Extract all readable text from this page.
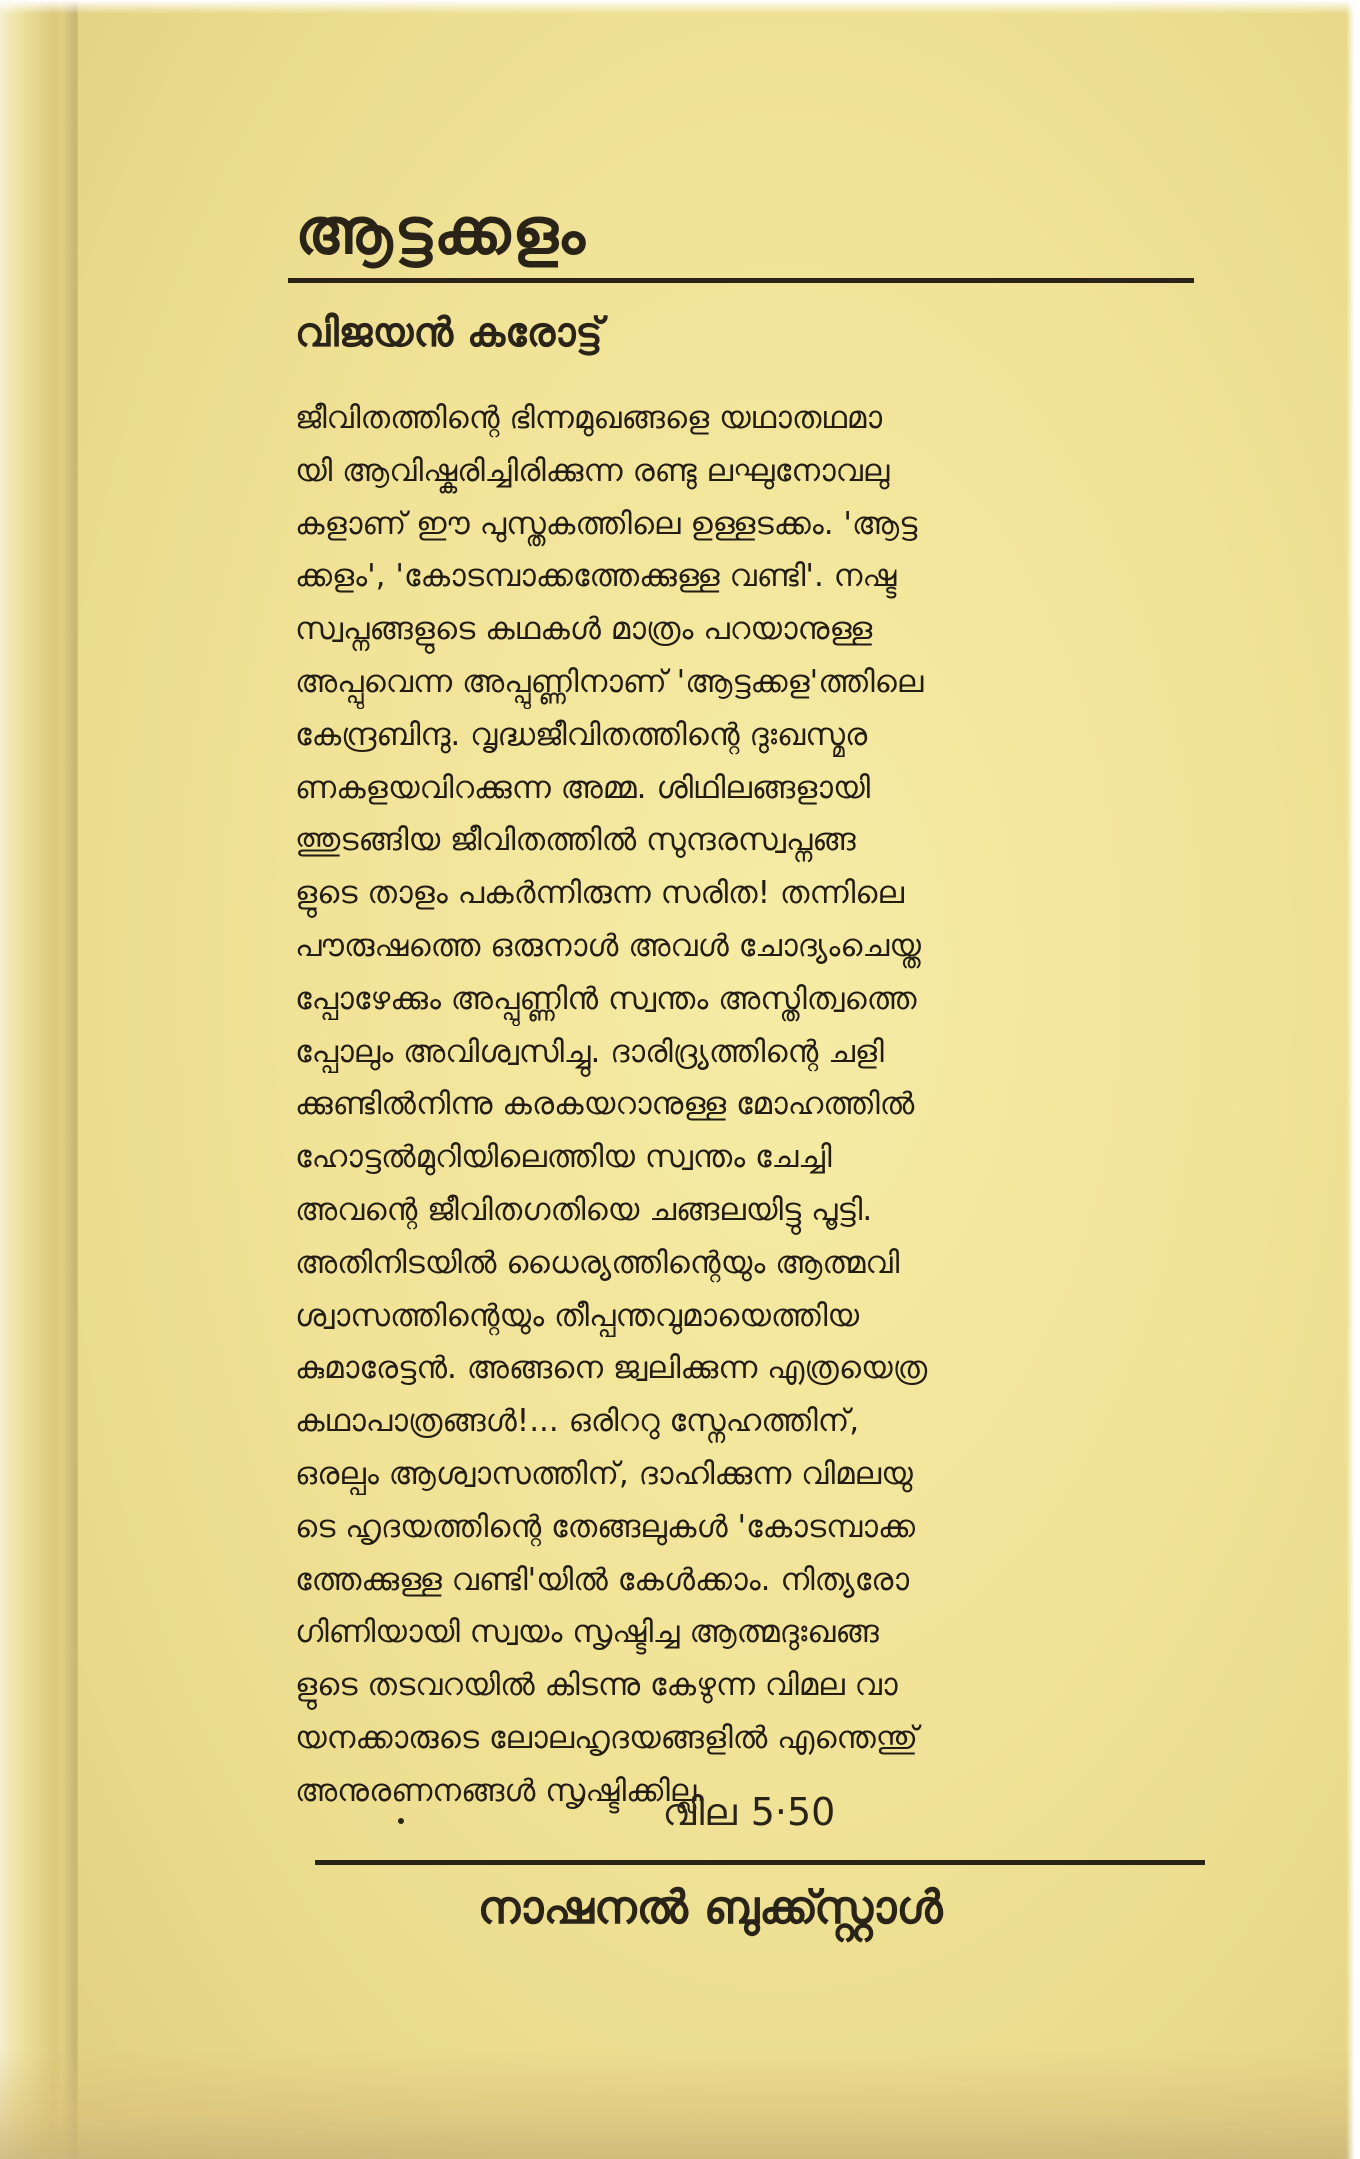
ആട്ടക്കളം
വിജയൻ കരോട്ട്
ജീവിതത്തിന്റെ ഭിന്നമുഖങ്ങളെ യഥാതഥമാ
യി ആവിഷ്കരിച്ചിരിക്കുന്ന രണ്ടു ലഘുനോവലു
കളാണ് ഈ പുസ്തകത്തിലെ ഉള്ളടക്കം. 'ആട്ട
ക്കളം', 'കോടമ്പാക്കത്തേക്കുള്ള വണ്ടി'. നഷ്ട
സ്വപ്നങ്ങളുടെ കഥകൾ മാത്രം പറയാനുള്ള
അപ്പുവെന്ന അപ്പുണ്ണിനാണ് 'ആട്ടക്കള'ത്തിലെ
കേന്ദ്രബിന്ദു. വൃദ്ധജീവിതത്തിന്റെ ദുഃഖസ്മര
ണകളയവിറക്കുന്ന അമ്മ. ശിഥിലങ്ങളായി
ത്തുടങ്ങിയ ജീവിതത്തിൽ സുന്ദരസ്വപ്നങ്ങ
ളുടെ താളം പകർന്നിരുന്ന സരിത! തന്നിലെ
പൗരുഷത്തെ ഒരുനാൾ അവൾ ചോദ്യംചെയ്ത
പ്പോഴേക്കും അപ്പുണ്ണിൻ സ്വന്തം അസ്തിത്വത്തെ
പ്പോലും അവിശ്വസിച്ചു. ദാരിദ്ര്യത്തിന്റെ ചളി
ക്കുണ്ടിൽനിന്നു കരകയറാനുള്ള മോഹത്തിൽ
ഹോട്ടൽമുറിയിലെത്തിയ സ്വന്തം ചേച്ചി
അവന്റെ ജീവിതഗതിയെ ചങ്ങലയിട്ടു പൂട്ടി.
അതിനിടയിൽ ധൈര്യത്തിന്റെയും ആത്മവി
ശ്വാസത്തിന്റെയും തീപ്പന്തവുമായെത്തിയ
കുമാരേട്ടൻ. അങ്ങനെ ജ്വലിക്കുന്ന എത്രയെത്ര
കഥാപാത്രങ്ങൾ!... ഒരിററു സ്നേഹത്തിന്,
ഒരല്പം ആശ്വാസത്തിന്, ദാഹിക്കുന്ന വിമലയു
ടെ ഹൃദയത്തിന്റെ തേങ്ങലുകൾ 'കോടമ്പാക്ക
ത്തേക്കുള്ള വണ്ടി'യിൽ കേൾക്കാം. നിത്യരോ
ഗിണിയായി സ്വയം സൃഷ്ടിച്ച ആത്മദുഃഖങ്ങ
ളുടെ തടവറയിൽ കിടന്നു കേഴുന്ന വിമല വാ
യനക്കാരുടെ ലോലഹൃദയങ്ങളിൽ എന്തെന്തു്
അനുരണനങ്ങൾ സൃഷ്ടിക്കില്ല.
വില 5·50
നാഷനൽ ബുക്ക്സ്റ്റാൾ
